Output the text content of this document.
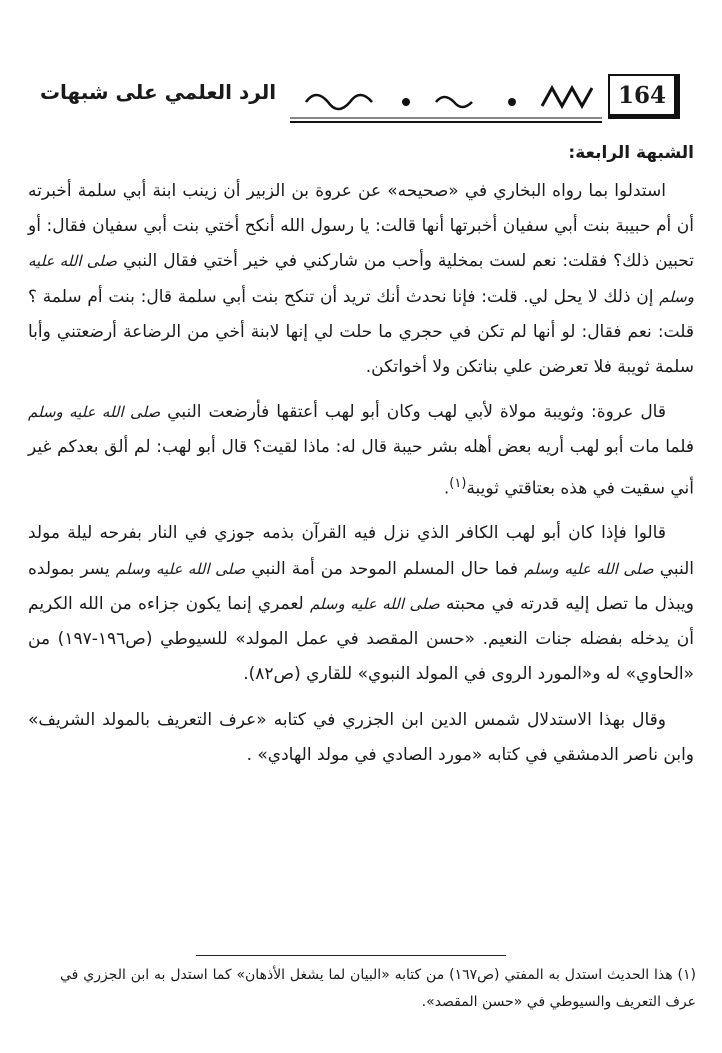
164
الرد العلمي على شبهات
الشبهة الرابعة:

استدلوا بما رواه البخاري في «صحيحه» عن عروة بن الزبير أن زينب ابنة أبي سلمة أخبرته أن أم حبيبة بنت أبي سفيان أخبرتها أنها قالت: يا رسول الله أنكح أختي بنت أبي سفيان فقال: أو تحبين ذلك؟ فقلت: نعم لست بمخلية وأحب من شاركني في خير أختي فقال النبي صلى الله عليه وسلم إن ذلك لا يحل لي. قلت: فإنا نحدث أنك تريد أن تنكح بنت أبي سلمة قال: بنت أم سلمة ؟ قلت: نعم فقال: لو أنها لم تكن في حجري ما حلت لي إنها لابنة أخي من الرضاعة أرضعتني وأبا سلمة ثويبة فلا تعرضن علي بناتكن ولا أخواتكن.

قال عروة: وثويبة مولاة لأبي لهب وكان أبو لهب أعتقها فأرضعت النبي صلى الله عليه وسلم فلما مات أبو لهب أريه بعض أهله بشر حيبة قال له: ماذا لقيت؟ قال أبو لهب: لم ألق بعدكم غير أني سقيت في هذه بعتاقتي ثويبة$^{(١)}$.

قالوا فإذا كان أبو لهب الكافر الذي نزل فيه القرآن بذمه جوزي في النار بفرحه ليلة مولد النبي صلى الله عليه وسلم فما حال المسلم الموحد من أمة النبي صلى الله عليه وسلم يسر بمولده ويبذل ما تصل إليه قدرته في محبته صلى الله عليه وسلم لعمري إنما يكون جزاءه من الله الكريم أن يدخله بفضله جنات النعيم. «حسن المقصد في عمل المولد» للسيوطي (ص١٩٦-١٩٧) من «الحاوي» له و«المورد الروى في المولد النبوي» للقاري (ص٨٢).

وقال بهذا الاستدلال شمس الدين ابن الجزري في كتابه «عرف التعريف بالمولد الشريف» وابن ناصر الدمشقي في كتابه «مورد الصادي في مولد الهادي» .

(١) هذا الحديث استدل به المفتي (ص١٦٧) من كتابه «البيان لما يشغل الأذهان» كما استدل به ابن الجزري في عرف التعريف والسيوطي في «حسن المقصد».
